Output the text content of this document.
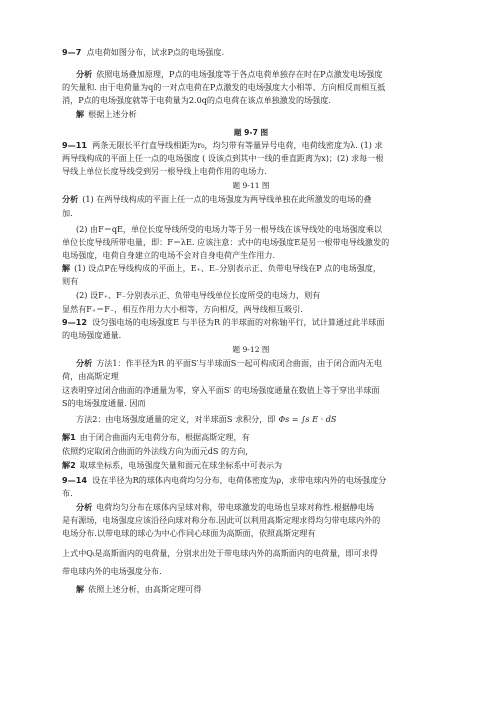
9—7 点电荷如图分布，试求P点的电场强度.
分析 依照电场叠加原理，P点的电场强度等于各点电荷单独存在时在P点激发电场强度
的矢量和. 由于电荷量为q的一对点电荷在P点激发的电场强度大小相等、方向相反而相互抵
消，P点的电场强度就等于电荷量为2.0q的点电荷在该点单独激发的场强度.
解 根据上述分析
题 9-7 图
9—11 两条无限长平行直导线相距为r₀，均匀带有等量异号电荷，电荷线密度为λ. (1) 求
两导线构成的平面上任一点的电场强度 ( 设该点到其中一线的垂直距离为x)；(2) 求每一根
导线上单位长度导线受到另一根导线上电荷作用的电场力.
题 9-11 图
分析 (1) 在两导线构成的平面上任一点的电场强度为两导线单独在此所激发的电场的叠
加.
(2) 由F＝qE，单位长度导线所受的电场力等于另一根导线在该导线处的电场强度乘以
单位长度导线所带电量，即：F＝λE. 应该注意：式中的电场强度E是另一根带电导线激发的
电场强度，电荷自身建立的电场不会对自身电荷产生作用力.
解 (1) 设点P在导线构成的平面上，E₊、E₋分别表示正、负带电导线在P 点的电场强度，
则有
(2) 设F₊、F₋分别表示正、负带电导线单位长度所受的电场力，则有
显然有F₊＝F₋，相互作用力大小相等，方向相反，两导线相互吸引.
9—12 设匀强电场的电场强度E 与半径为R 的半球面的对称轴平行，试计算通过此半球面
的电场强度通量.
题 9-12 图
分析 方法1：作半径为R 的平面S′与半球面S一起可构成闭合曲面，由于闭合面内无电
荷，由高斯定理
这表明穿过闭合曲面的净通量为零，穿入平面S′ 的电场强度通量在数值上等于穿出半球面
S的电场强度通量. 因而
方法2：由电场强度通量的定义，对半球面S 求积分，即 Φs = ∫s E · dS
解1 由于闭合曲面内无电荷分布，根据高斯定理，有
依照约定取闭合曲面的外法线方向为面元dS 的方向，
解2 取球坐标系，电场强度矢量和面元在球坐标系中可表示为
9—14 设在半径为R的球体内电荷均匀分布，电荷体密度为ρ，求带电球内外的电场强度分
布.
分析 电荷均匀分布在球体内呈球对称，带电球激发的电场也呈球对称性.根据静电场
是有源场，电场强度应该沿径向球对称分布.因此可以利用高斯定理求得均匀带电球内外的
电场分布.以带电球的球心为中心作同心球面为高斯面，依照高斯定理有
上式中Qᵢ是高斯面内的电荷量，分别求出处于带电球内外的高斯面内的电荷量，即可求得
带电球内外的电场强度分布.
解 依照上述分析，由高斯定理可得
